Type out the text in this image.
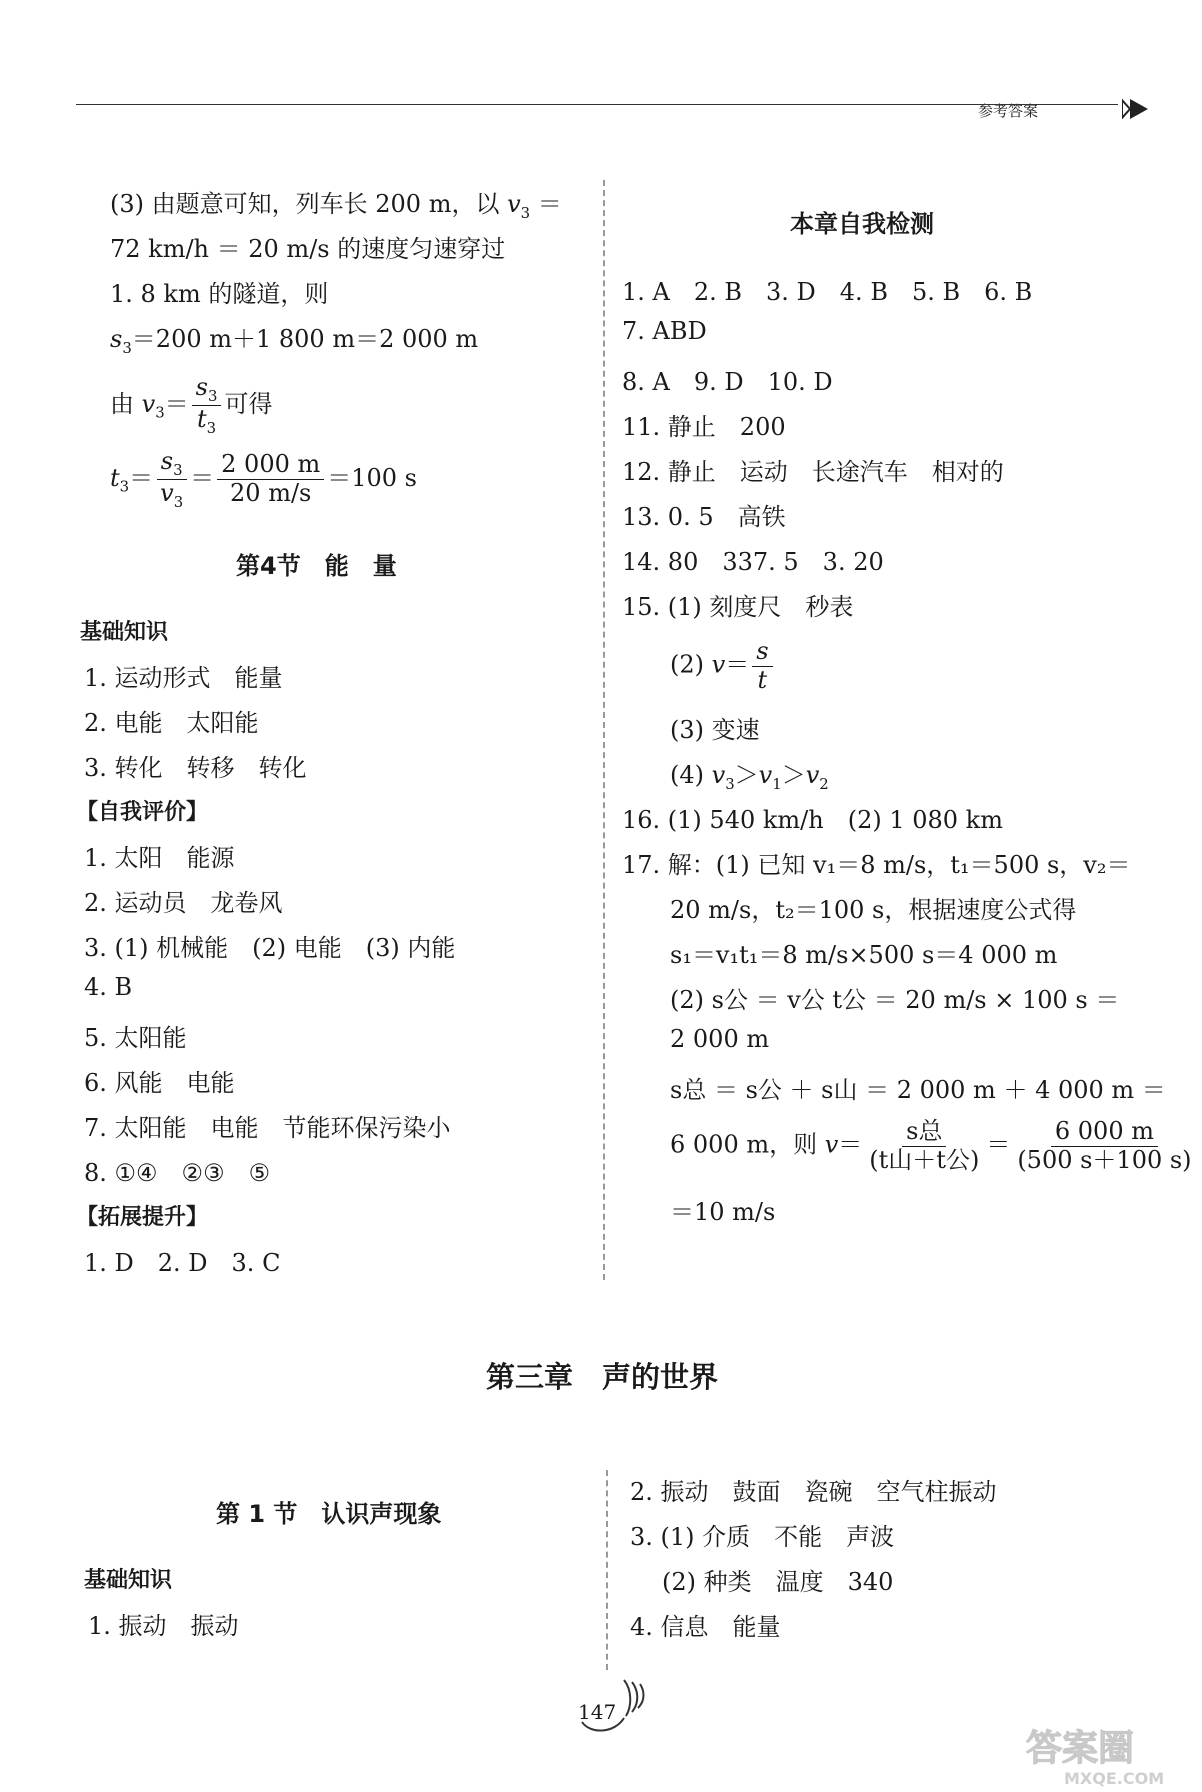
参考答案
(3) 由题意可知，列车长 200 m，以 $v_3$ ＝
72 km/h ＝ 20 m/s 的速度匀速穿过
1. 8 km 的隧道，则
$s_3=200$ m＋1 800 m＝2 000 m
由 $v_3= \frac{s_3}{t_3}$ 可得
$t_3= \frac{s_3}{v_3} = \frac{2 000 m}{20 m/s} =100$ s
第4节　能　量
基础知识
1. 运动形式　能量
2. 电能　太阳能
3. 转化　转移　转化
【自我评价】
1. 太阳　能源
2. 运动员　龙卷风
3. (1) 机械能　(2) 电能　(3) 内能
4. B
5. 太阳能
6. 风能　电能
7. 太阳能　电能　节能环保污染小
8. ①④　②③　⑤
【拓展提升】
1. D　2. D　3. C
本章自我检测
1. A　2. B　3. D　4. B　5. B　6. B
7. ABD
8. A　9. D　10. D
11. 静止　200
12. 静止　运动　长途汽车　相对的
13. 0. 5　高铁
14. 80　337. 5　3. 20
15. (1) 刻度尺　秒表
(2) $v= \frac{s}{t}$
(3) 变速
(4) $v_3>v_1>v_2$
16. (1) 540 km/h　(2) 1 080 km
17. 解：(1) 已知 v₁＝8 m/s，t₁＝500 s，v₂＝
20 m/s，t₂＝100 s，根据速度公式得
s₁＝v₁t₁＝8 m/s×500 s＝4 000 m
(2) s公 ＝ v公 t公 ＝ 20 m/s × 100 s ＝
2 000 m
s总 ＝ s公 ＋ s山 ＝ 2 000 m ＋ 4 000 m ＝
6 000 m，则 $v= \frac{\text{s总}}{\text{(t山＋t公)}} = \frac{6 000 m}{(500 s+100 s)}$
＝10 m/s
第三章　声的世界
第 1 节　认识声现象
基础知识
1. 振动　振动
2. 振动　鼓面　瓷碗　空气柱振动
3. (1) 介质　不能　声波
(2) 种类　温度　340
4. 信息　能量
147
答案圈
MXQE.COM
